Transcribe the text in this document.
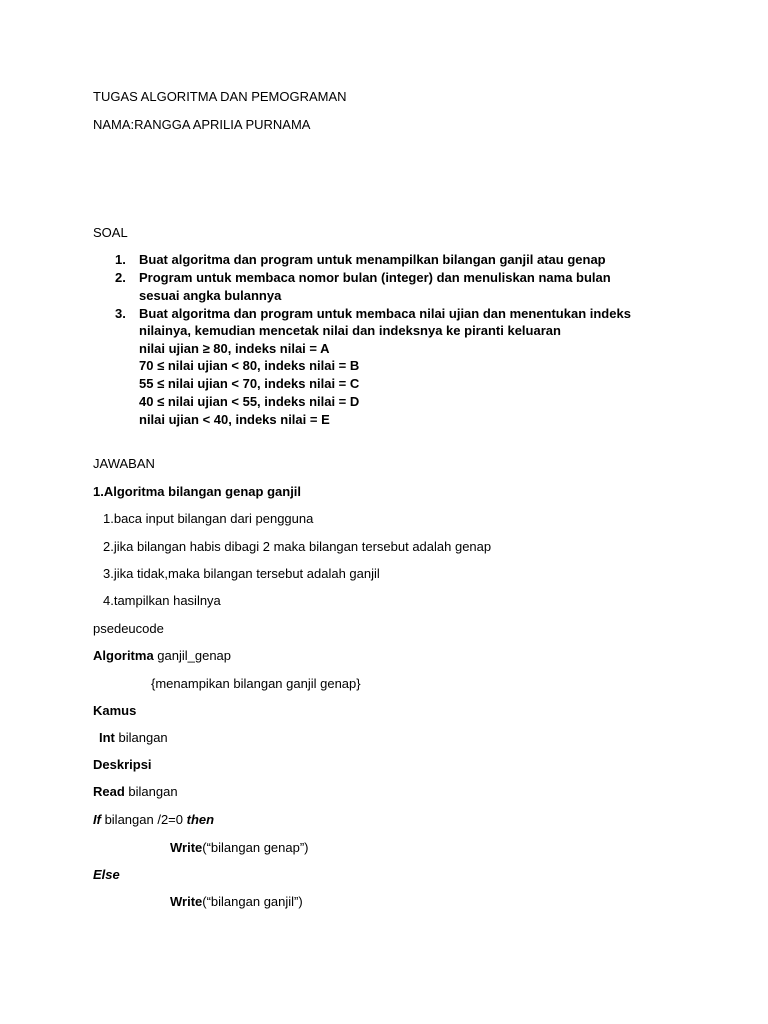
TUGAS ALGORITMA DAN PEMOGRAMAN
NAMA:RANGGA APRILIA PURNAMA
SOAL
1. Buat algoritma dan program untuk menampilkan bilangan ganjil atau genap
2. Program untuk membaca nomor bulan (integer) dan menuliskan nama bulan
sesuai angka bulannya
3. Buat algoritma dan program untuk membaca nilai ujian dan menentukan indeks
nilainya, kemudian mencetak nilai dan indeksnya ke piranti keluaran
nilai ujian ≥ 80, indeks nilai = A
70 ≤ nilai ujian < 80, indeks nilai = B
55 ≤ nilai ujian < 70, indeks nilai = C
40 ≤ nilai ujian < 55, indeks nilai = D
nilai ujian < 40, indeks nilai = E
JAWABAN
1.Algoritma bilangan genap ganjil
1.baca input bilangan dari pengguna
2.jika bilangan habis dibagi 2 maka bilangan tersebut adalah genap
3.jika tidak,maka bilangan tersebut adalah ganjil
4.tampilkan hasilnya
psedeucode
Algoritma ganjil_genap
{menampikan bilangan ganjil genap}
Kamus
Int bilangan
Deskripsi
Read bilangan
If bilangan /2=0 then
Write(“bilangan genap”)
Else
Write(“bilangan ganjil”)
